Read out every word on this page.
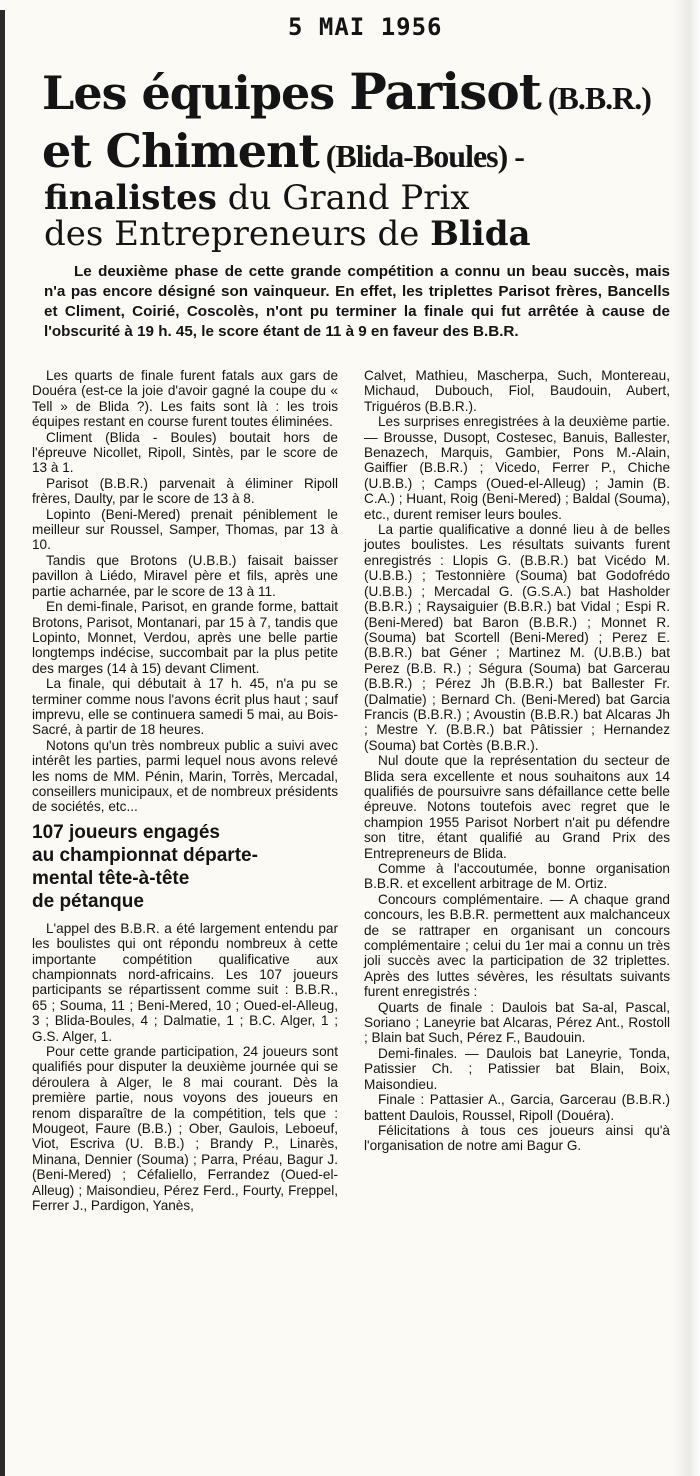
5 MAI 1956
Les équipes Parisot (B.B.R.)
et Chiment (Blida-Boules) -
finalistes du Grand Prix
des Entrepreneurs de Blida

Le deuxième phase de cette grande compétition a connu un beau succès, mais n'a pas encore désigné son vainqueur. En effet, les triplettes Parisot frères, Bancells et Climent, Coirié, Coscolès, n'ont pu terminer la finale qui fut arrêtée à cause de l'obscurité à 19 h. 45, le score étant de 11 à 9 en faveur des B.B.R.

Les quarts de finale furent fatals aux gars de Douéra (est-ce la joie d'avoir gagné la coupe du « Tell » de Blida ?). Les faits sont là : les trois équipes restant en course furent toutes éliminées.

Climent (Blida - Boules) boutait hors de l'épreuve Nicollet, Ripoll, Sintès, par le score de 13 à 1.

Parisot (B.B.R.) parvenait à éliminer Ripoll frères, Daulty, par le score de 13 à 8.

Lopinto (Beni-Mered) prenait péniblement le meilleur sur Roussel, Samper, Thomas, par 13 à 10.

Tandis que Brotons (U.B.B.) faisait baisser pavillon à Liédo, Miravel père et fils, après une partie acharnée, par le score de 13 à 11.

En demi-finale, Parisot, en grande forme, battait Brotons, Parisot, Montanari, par 15 à 7, tandis que Lopinto, Monnet, Verdou, après une belle partie longtemps indécise, succombait par la plus petite des marges (14 à 15) devant Climent.

La finale, qui débutait à 17 h. 45, n'a pu se terminer comme nous l'avons écrit plus haut ; sauf imprevu, elle se continuera samedi 5 mai, au Bois-Sacré, à partir de 18 heures.

Notons qu'un très nombreux public a suivi avec intérêt les parties, parmi lequel nous avons relevé les noms de MM. Pénin, Marin, Torrès, Mercadal, conseillers municipaux, et de nombreux présidents de sociétés, etc...

107 joueurs engagés
au championnat départe-
mental tête-à-tête
de pétanque

L'appel des B.B.R. a été largement entendu par les boulistes qui ont répondu nombreux à cette importante compétition qualificative aux championnats nord-africains. Les 107 joueurs participants se répartissent comme suit : B.B.R., 65 ; Souma, 11 ; Beni-Mered, 10 ; Oued-el-Alleug, 3 ; Blida-Boules, 4 ; Dalmatie, 1 ; B.C. Alger, 1 ; G.S. Alger, 1.

Pour cette grande participation, 24 joueurs sont qualifiés pour disputer la deuxième journée qui se déroulera à Alger, le 8 mai courant. Dès la première partie, nous voyons des joueurs en renom disparaître de la compétition, tels que : Mougeot, Faure (B.B.) ; Ober, Gaulois, Leboeuf, Viot, Escriva (U. B.B.) ; Brandy P., Linarès, Minana, Dennier (Souma) ; Parra, Préau, Bagur J. (Beni-Mered) ; Céfaliello, Ferrandez (Oued-el-Alleug) ; Maisondieu, Pérez Ferd., Fourty, Freppel, Ferrer J., Pardigon, Yanès,

Calvet, Mathieu, Mascherpa, Such, Montereau, Michaud, Dubouch, Fiol, Baudouin, Aubert, Triguéros (B.B.R.).

Les surprises enregistrées à la deuxième partie. — Brousse, Dusopt, Costesec, Banuis, Ballester, Benazech, Marquis, Gambier, Pons M.-Alain, Gaiffier (B.B.R.) ; Vicedo, Ferrer P., Chiche (U.B.B.) ; Camps (Oued-el-Alleug) ; Jamin (B. C.A.) ; Huant, Roig (Beni-Mered) ; Baldal (Souma), etc., durent remiser leurs boules.

La partie qualificative a donné lieu à de belles joutes boulistes. Les résultats suivants furent enregistrés : Llopis G. (B.B.R.) bat Vicédo M. (U.B.B.) ; Testonnière (Souma) bat Godofrédo (U.B.B.) ; Mercadal G. (G.S.A.) bat Hasholder (B.B.R.) ; Raysaiguier (B.B.R.) bat Vidal ; Espi R. (Beni-Mered) bat Baron (B.B.R.) ; Monnet R. (Souma) bat Scortell (Beni-Mered) ; Perez E. (B.B.R.) bat Géner ; Martinez M. (U.B.B.) bat Perez (B.B. R.) ; Ségura (Souma) bat Garcerau (B.B.R.) ; Pérez Jh (B.B.R.) bat Ballester Fr. (Dalmatie) ; Bernard Ch. (Beni-Mered) bat Garcia Francis (B.B.R.) ; Avoustin (B.B.R.) bat Alcaras Jh ; Mestre Y. (B.B.R.) bat Pâtissier ; Hernandez (Souma) bat Cortès (B.B.R.).

Nul doute que la représentation du secteur de Blida sera excellente et nous souhaitons aux 14 qualifiés de poursuivre sans défaillance cette belle épreuve. Notons toutefois avec regret que le champion 1955 Parisot Norbert n'ait pu défendre son titre, étant qualifié au Grand Prix des Entrepreneurs de Blida.

Comme à l'accoutumée, bonne organisation B.B.R. et excellent arbitrage de M. Ortiz.

Concours complémentaire. — A chaque grand concours, les B.B.R. permettent aux malchanceux de se rattraper en organisant un concours complémentaire ; celui du 1er mai a connu un très joli succès avec la participation de 32 triplettes. Après des luttes sévères, les résultats suivants furent enregistrés :

Quarts de finale : Daulois bat Sa-al, Pascal, Soriano ; Laneyrie bat Alcaras, Pérez Ant., Rostoll ; Blain bat Such, Pérez F., Baudouin.

Demi-finales. — Daulois bat Laneyrie, Tonda, Patissier Ch. ; Patissier bat Blain, Boix, Maisondieu.

Finale : Pattasier A., Garcia, Garcerau (B.B.R.) battent Daulois, Roussel, Ripoll (Douéra).

Félicitations à tous ces joueurs ainsi qu'à l'organisation de notre ami Bagur G.
